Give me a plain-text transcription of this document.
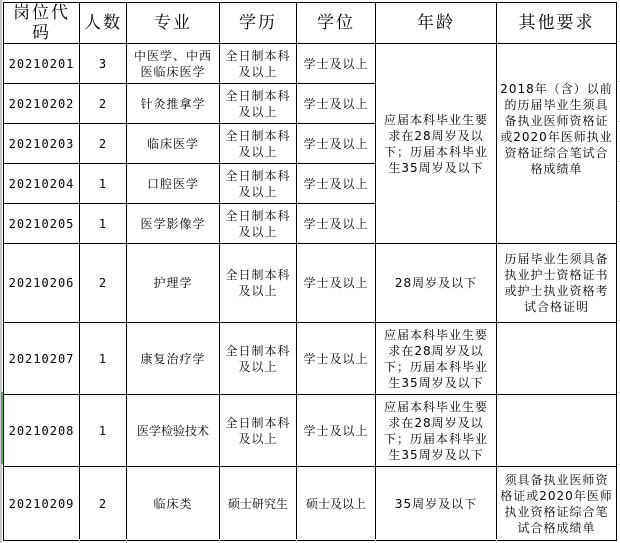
岗位代码	人数	专业	学历	学位	年龄	其他要求
20210201	3	中医学、中西医临床医学	全日制本科及以上	学士及以上	应届本科毕业生要求在28周岁及以下；历届本科毕业生35周岁及以下	2018年（含）以前的历届毕业生须具备执业医师资格证或2020年医师执业资格证综合笔试合格成绩单
20210202	2	针灸推拿学	全日制本科及以上	学士及以上		
20210203	2	临床医学	全日制本科及以上	学士及以上		
20210204	1	口腔医学	全日制本科及以上	学士及以上		
20210205	1	医学影像学	全日制本科及以上	学士及以上		
20210206	2	护理学	全日制本科及以上	学士及以上	28周岁及以下	历届毕业生须具备执业护士资格证书或护士执业资格考试合格证明
20210207	1	康复治疗学	全日制本科及以上	学士及以上	应届本科毕业生要求在28周岁及以下；历届本科毕业生35周岁及以下	
20210208	1	医学检验技术	全日制本科及以上	学士及以上	应届本科毕业生要求在28周岁及以下；历届本科毕业生35周岁及以下	
20210209	2	临床类	硕士研究生	硕士及以上	35周岁及以下	须具备执业医师资格证或2020年医师执业资格证综合笔试合格成绩单
